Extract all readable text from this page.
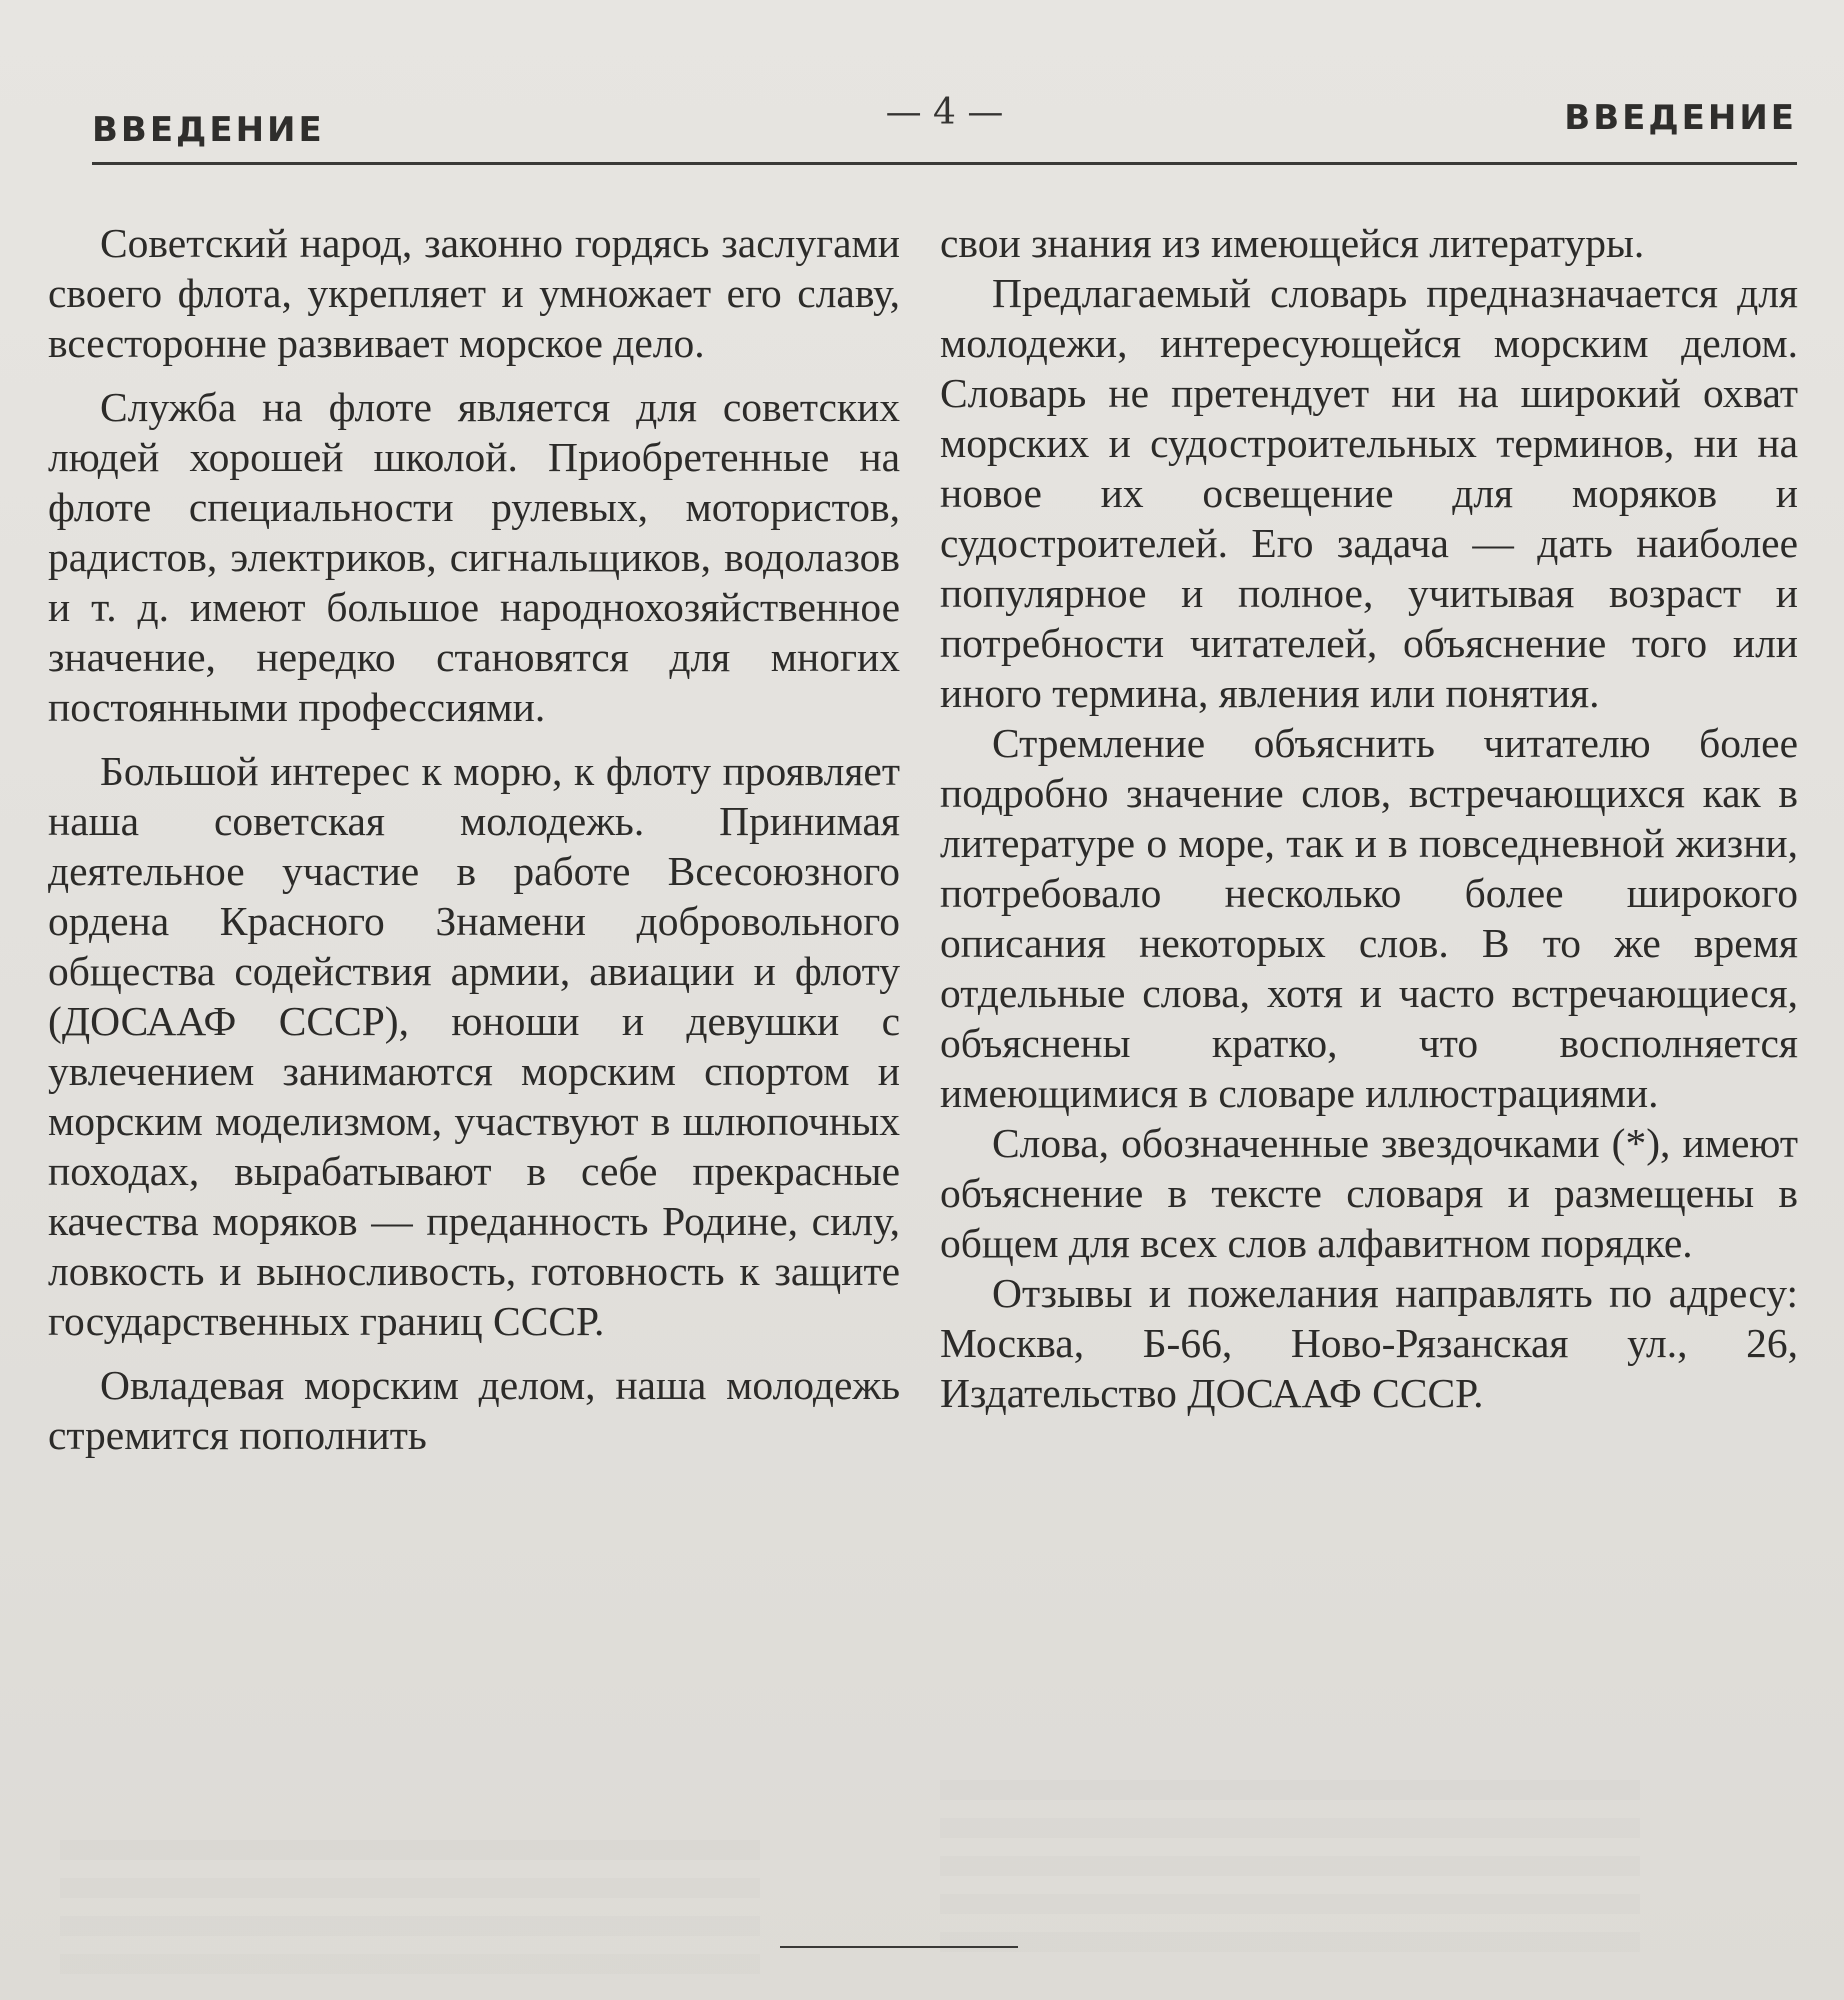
ВВЕДЕНИЕ	— 4 —	ВВЕДЕНИЕ

Советский народ, законно гордясь заслугами своего флота, укрепляет и умножает его славу, всесторонне развивает морское дело.

Служба на флоте является для советских людей хорошей школой. Приобретенные на флоте специальности рулевых, мотористов, радистов, электриков, сигнальщиков, водолазов и т. д. имеют большое народнохозяйственное значение, нередко становятся для многих постоянными профессиями.

Большой интерес к морю, к флоту проявляет наша советская молодежь. Принимая деятельное участие в работе Всесоюзного ордена Красного Знамени добровольного общества содействия армии, авиации и флоту (ДОСААФ СССР), юноши и девушки с увлечением занимаются морским спортом и морским моделизмом, участвуют в шлюпочных походах, вырабатывают в себе прекрасные качества моряков — преданность Родине, силу, ловкость и выносливость, готовность к защите государственных границ СССР.

Овладевая морским делом, наша молодежь стремится пополнить

свои знания из имеющейся литературы.

Предлагаемый словарь предназначается для молодежи, интересующейся морским делом. Словарь не претендует ни на широкий охват морских и судостроительных терминов, ни на новое их освещение для моряков и судостроителей. Его задача — дать наиболее популярное и полное, учитывая возраст и потребности читателей, объяснение того или иного термина, явления или понятия.

Стремление объяснить читателю более подробно значение слов, встречающихся как в литературе о море, так и в повседневной жизни, потребовало несколько более широкого описания некоторых слов. В то же время отдельные слова, хотя и часто встречающиеся, объяснены кратко, что восполняется имеющимися в словаре иллюстрациями.

Слова, обозначенные звездочками (*), имеют объяснение в тексте словаря и размещены в общем для всех слов алфавитном порядке.

Отзывы и пожелания направлять по адресу: Москва, Б-66, Ново-Рязанская ул., 26, Издательство ДОСААФ СССР.
